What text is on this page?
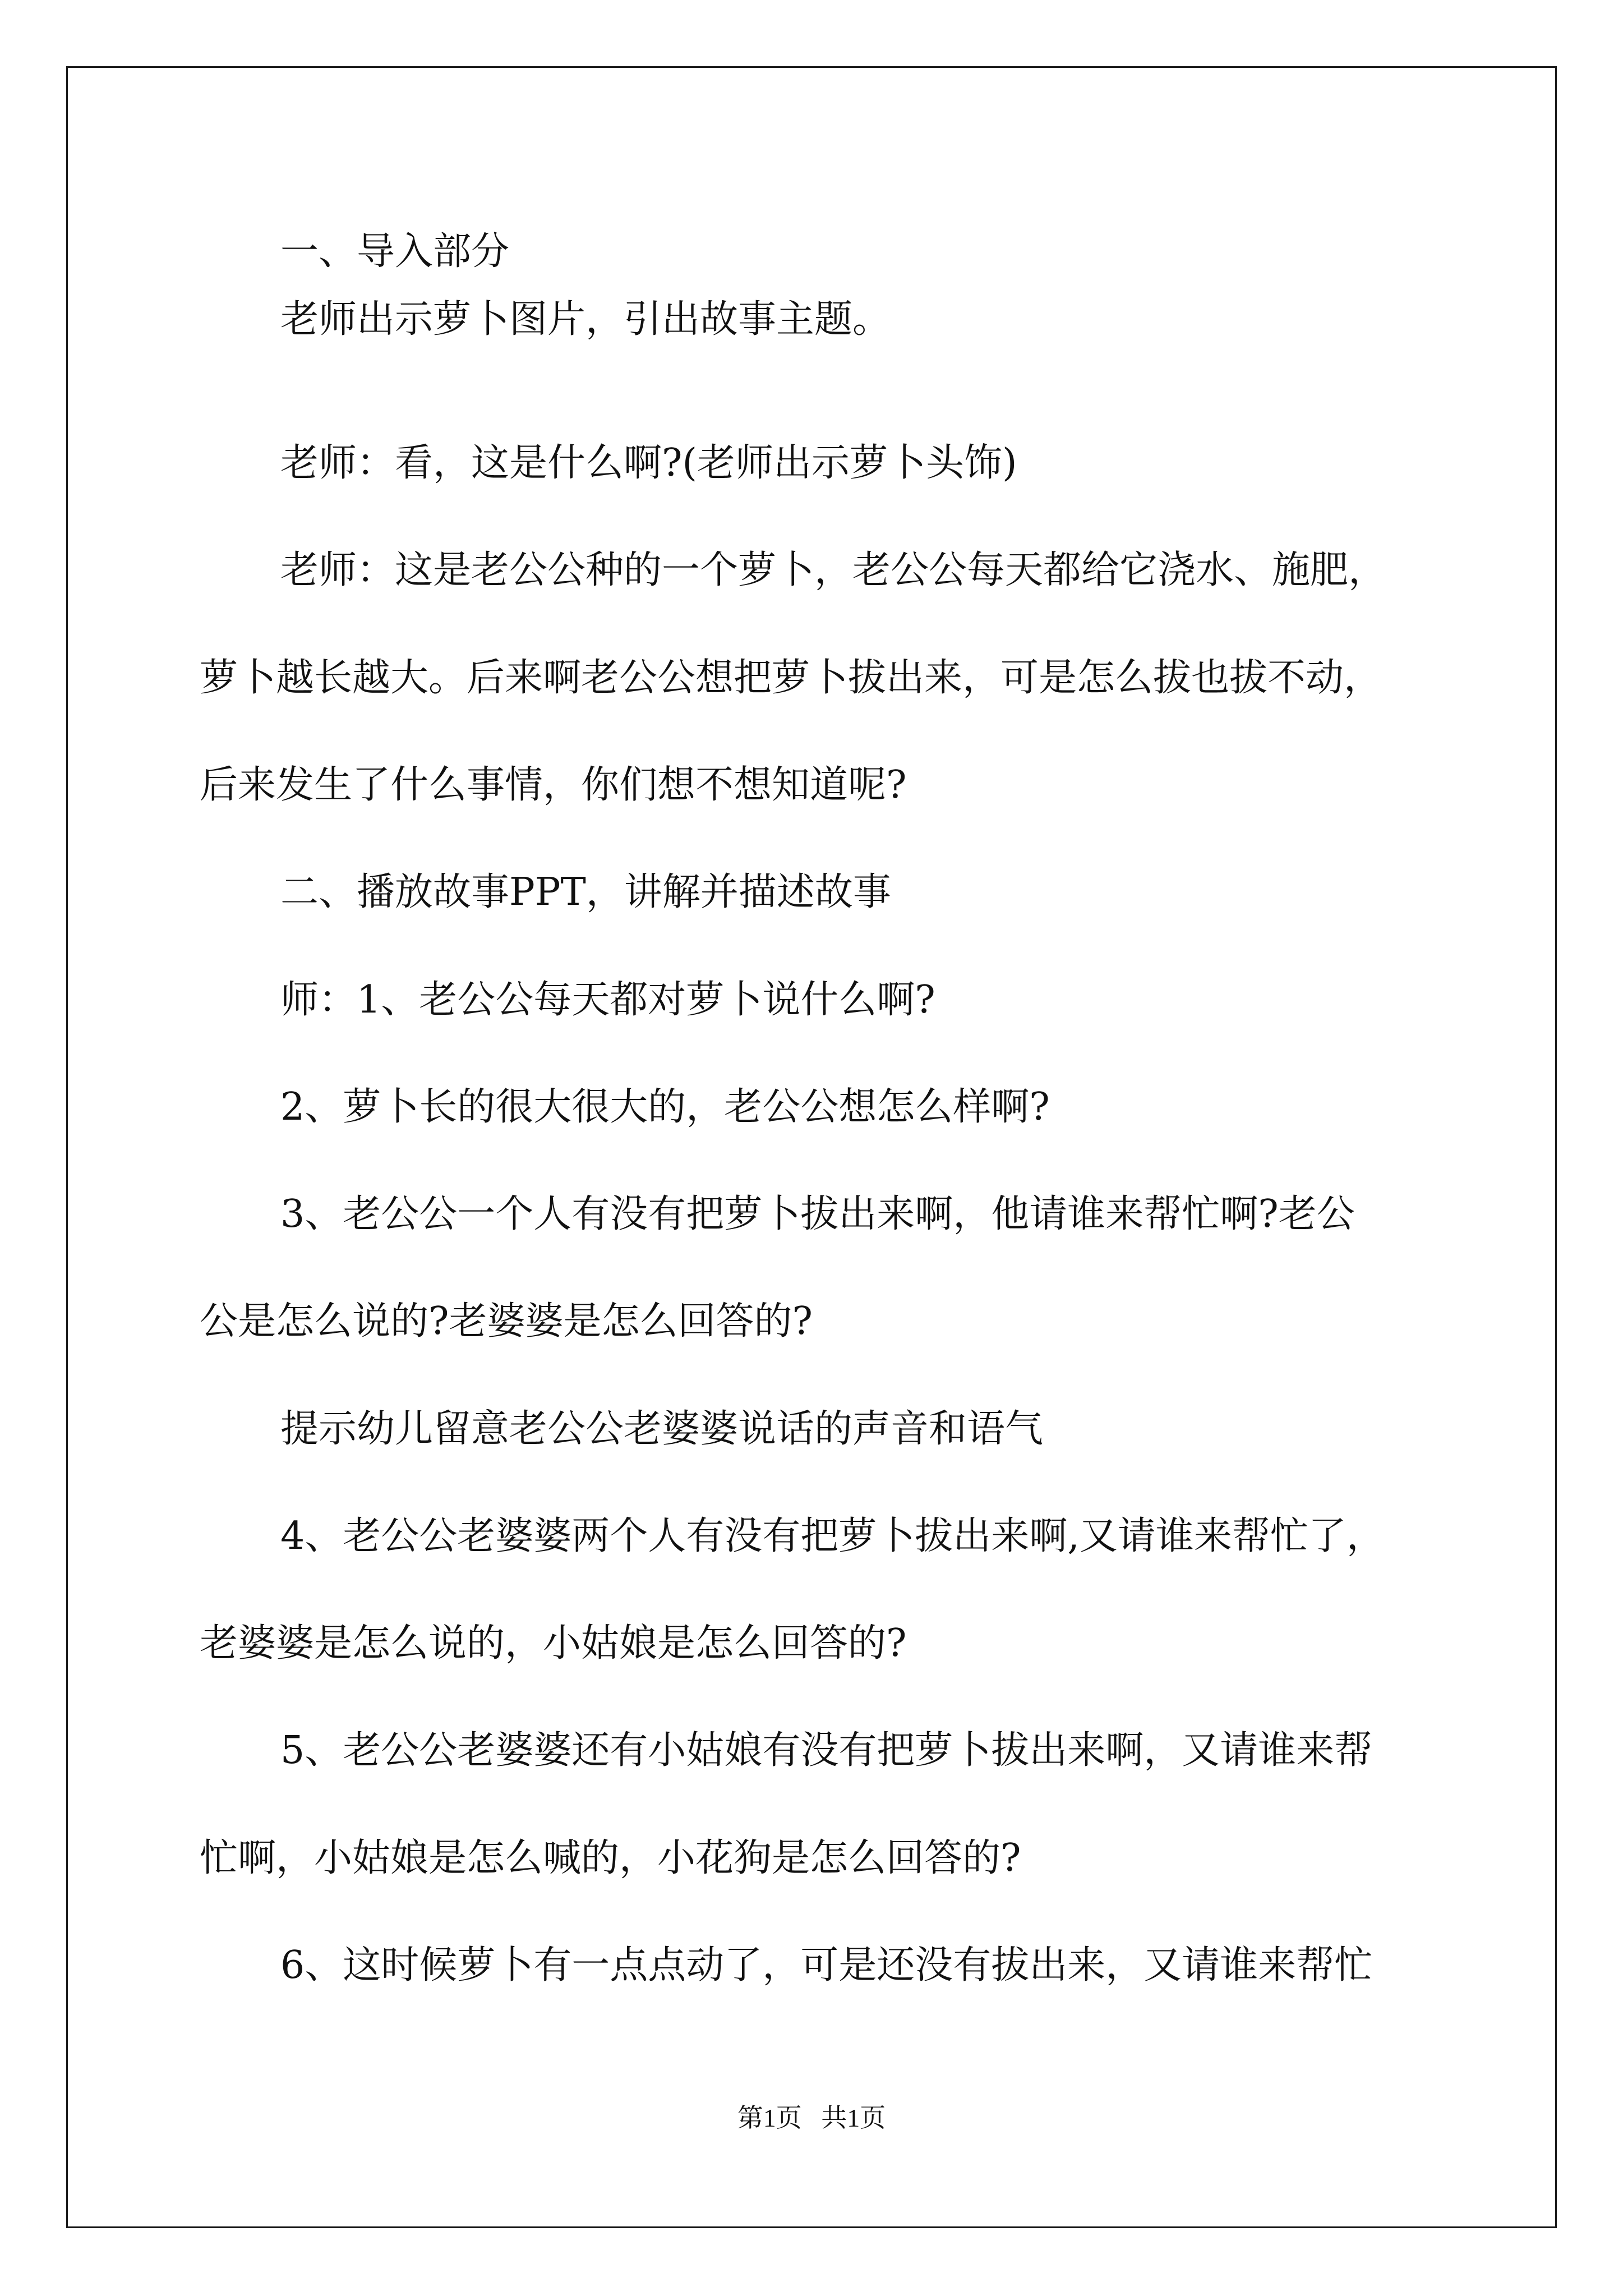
一、导入部分
老师出示萝卜图片，引出故事主题。
老师：看，这是什么啊?(老师出示萝卜头饰)
老师：这是老公公种的一个萝卜，老公公每天都给它浇水、施肥，
萝卜越长越大。后来啊老公公想把萝卜拔出来，可是怎么拔也拔不动，
后来发生了什么事情，你们想不想知道呢?
二、播放故事PPT，讲解并描述故事
师：1、老公公每天都对萝卜说什么啊?
2、萝卜长的很大很大的，老公公想怎么样啊?
3、老公公一个人有没有把萝卜拔出来啊，他请谁来帮忙啊?老公
公是怎么说的?老婆婆是怎么回答的?
提示幼儿留意老公公老婆婆说话的声音和语气
4、老公公老婆婆两个人有没有把萝卜拔出来啊,又请谁来帮忙了，
老婆婆是怎么说的，小姑娘是怎么回答的?
5、老公公老婆婆还有小姑娘有没有把萝卜拔出来啊，又请谁来帮
忙啊，小姑娘是怎么喊的，小花狗是怎么回答的?
6、这时候萝卜有一点点动了，可是还没有拔出来，又请谁来帮忙
第1页   共1页
